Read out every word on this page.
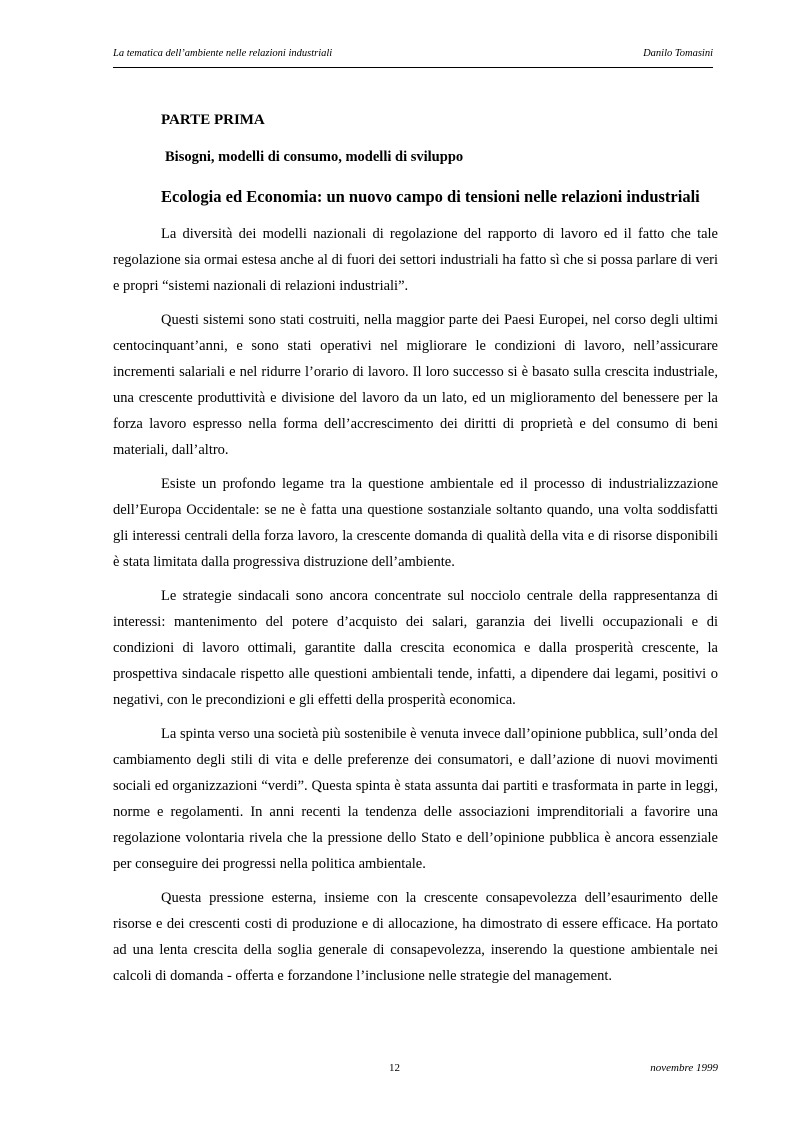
La tematica dell’ambiente nelle relazioni industriali	Danilo Tomasini
PARTE PRIMA
Bisogni, modelli di consumo, modelli di sviluppo
Ecologia ed Economia: un nuovo campo di tensioni nelle relazioni industriali

La diversità dei modelli nazionali di regolazione del rapporto di lavoro ed il fatto che tale regolazione sia ormai estesa anche al di fuori dei settori industriali ha fatto sì che si possa parlare di veri e propri “sistemi nazionali di relazioni industriali”.

Questi sistemi sono stati costruiti, nella maggior parte dei Paesi Europei, nel corso degli ultimi centocinquant’anni, e sono stati operativi nel migliorare le condizioni di lavoro, nell’assicurare incrementi salariali e nel ridurre l’orario di lavoro. Il loro successo si è basato sulla crescita industriale, una crescente produttività e divisione del lavoro da un lato, ed un miglioramento del benessere per la forza lavoro espresso nella forma dell’accrescimento dei diritti di proprietà e del consumo di beni materiali, dall’altro.

Esiste un profondo legame tra la questione ambientale ed il processo di industrializzazione dell’Europa Occidentale: se ne è fatta una questione sostanziale soltanto quando, una volta soddisfatti gli interessi centrali della forza lavoro, la crescente domanda di qualità della vita e di risorse disponibili è stata limitata dalla progressiva distruzione dell’ambiente.

Le strategie sindacali sono ancora concentrate sul nocciolo centrale della rappresentanza di interessi: mantenimento del potere d’acquisto dei salari, garanzia dei livelli occupazionali e di condizioni di lavoro ottimali, garantite dalla crescita economica e dalla prosperità crescente, la prospettiva sindacale rispetto alle questioni ambientali tende, infatti, a dipendere dai legami, positivi o negativi, con le precondizioni e gli effetti della prosperità economica.

La spinta verso una società più sostenibile è venuta invece dall’opinione pubblica, sull’onda del cambiamento degli stili di vita e delle preferenze dei consumatori, e dall’azione di nuovi movimenti sociali ed organizzazioni “verdi”. Questa spinta è stata assunta dai partiti e trasformata in parte in leggi, norme e regolamenti. In anni recenti la tendenza delle associazioni imprenditoriali a favorire una regolazione volontaria rivela che la pressione dello Stato e dell’opinione pubblica è ancora essenziale per conseguire dei progressi nella politica ambientale.

Questa pressione esterna, insieme con la crescente consapevolezza dell’esaurimento delle risorse e dei crescenti costi di produzione e di allocazione, ha dimostrato di essere efficace. Ha portato ad una lenta crescita della soglia generale di consapevolezza, inserendo la questione ambientale nei calcoli di domanda - offerta e forzandone l’inclusione nelle strategie del management.

12	novembre 1999
